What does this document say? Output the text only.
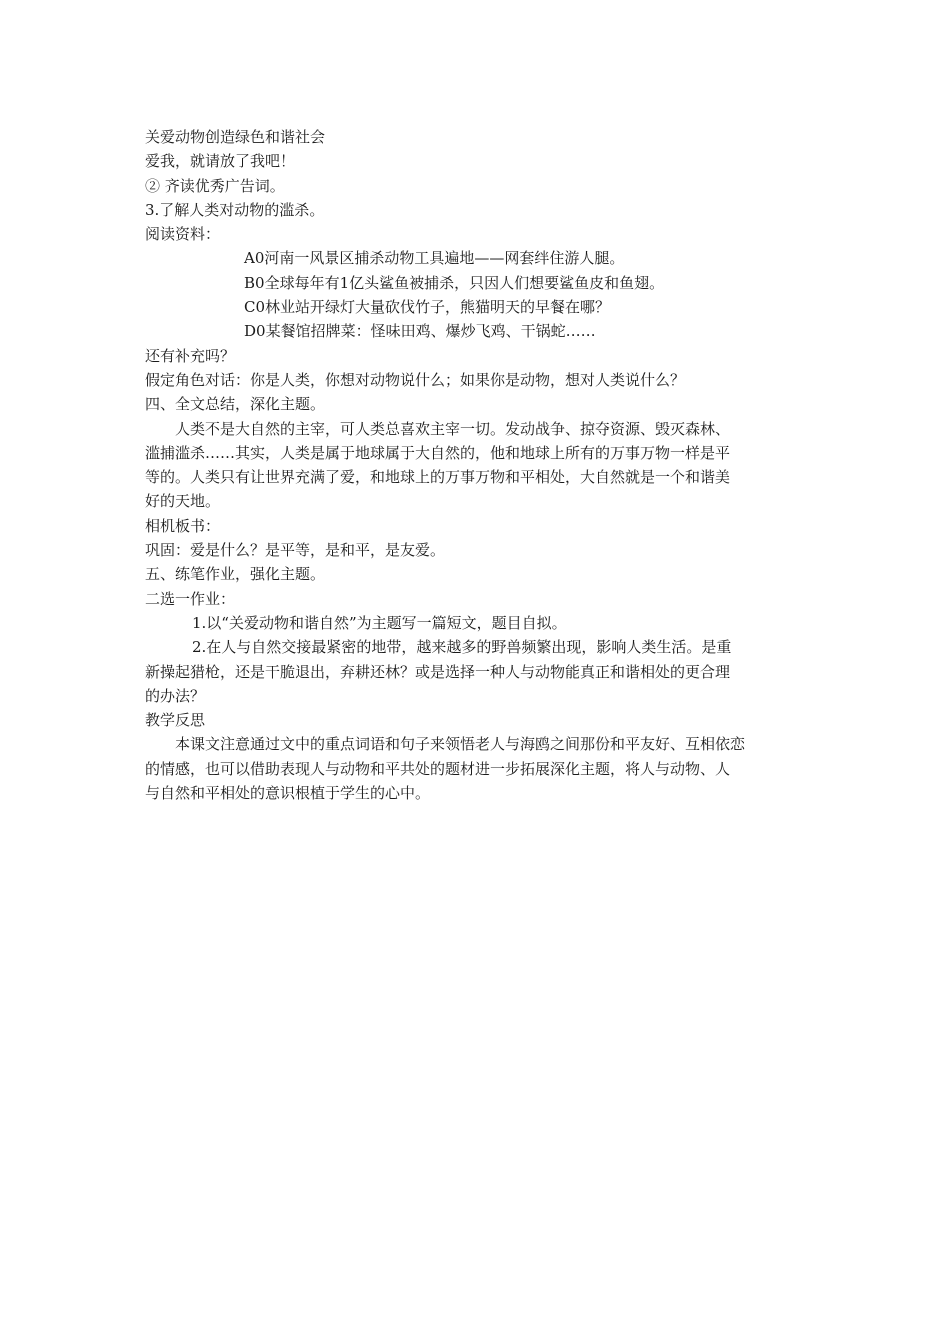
关爱动物创造绿色和谐社会
爱我，就请放了我吧！
② 齐读优秀广告词。
3.了解人类对动物的滥杀。
阅读资料：
A0河南一风景区捕杀动物工具遍地——网套绊住游人腿。
B0全球每年有1亿头鲨鱼被捕杀，只因人们想要鲨鱼皮和鱼翅。
C0林业站开绿灯大量砍伐竹子，熊猫明天的早餐在哪？
D0某餐馆招牌菜：怪味田鸡、爆炒飞鸡、干锅蛇……
还有补充吗？
假定角色对话：你是人类，你想对动物说什么；如果你是动物，想对人类说什么？
四、全文总结，深化主题。
人类不是大自然的主宰，可人类总喜欢主宰一切。发动战争、掠夺资源、毁灭森林、
滥捕滥杀……其实，人类是属于地球属于大自然的，他和地球上所有的万事万物一样是平
等的。人类只有让世界充满了爱，和地球上的万事万物和平相处，大自然就是一个和谐美
好的天地。
相机板书：
巩固：爱是什么？是平等，是和平，是友爱。
五、练笔作业，强化主题。
二选一作业：
1.以“关爱动物和谐自然”为主题写一篇短文，题目自拟。
2.在人与自然交接最紧密的地带，越来越多的野兽频繁出现，影响人类生活。是重
新操起猎枪，还是干脆退出，弃耕还林？或是选择一种人与动物能真正和谐相处的更合理
的办法？
教学反思
本课文注意通过文中的重点词语和句子来领悟老人与海鸥之间那份和平友好、互相依恋
的情感，也可以借助表现人与动物和平共处的题材进一步拓展深化主题，将人与动物、人
与自然和平相处的意识根植于学生的心中。
